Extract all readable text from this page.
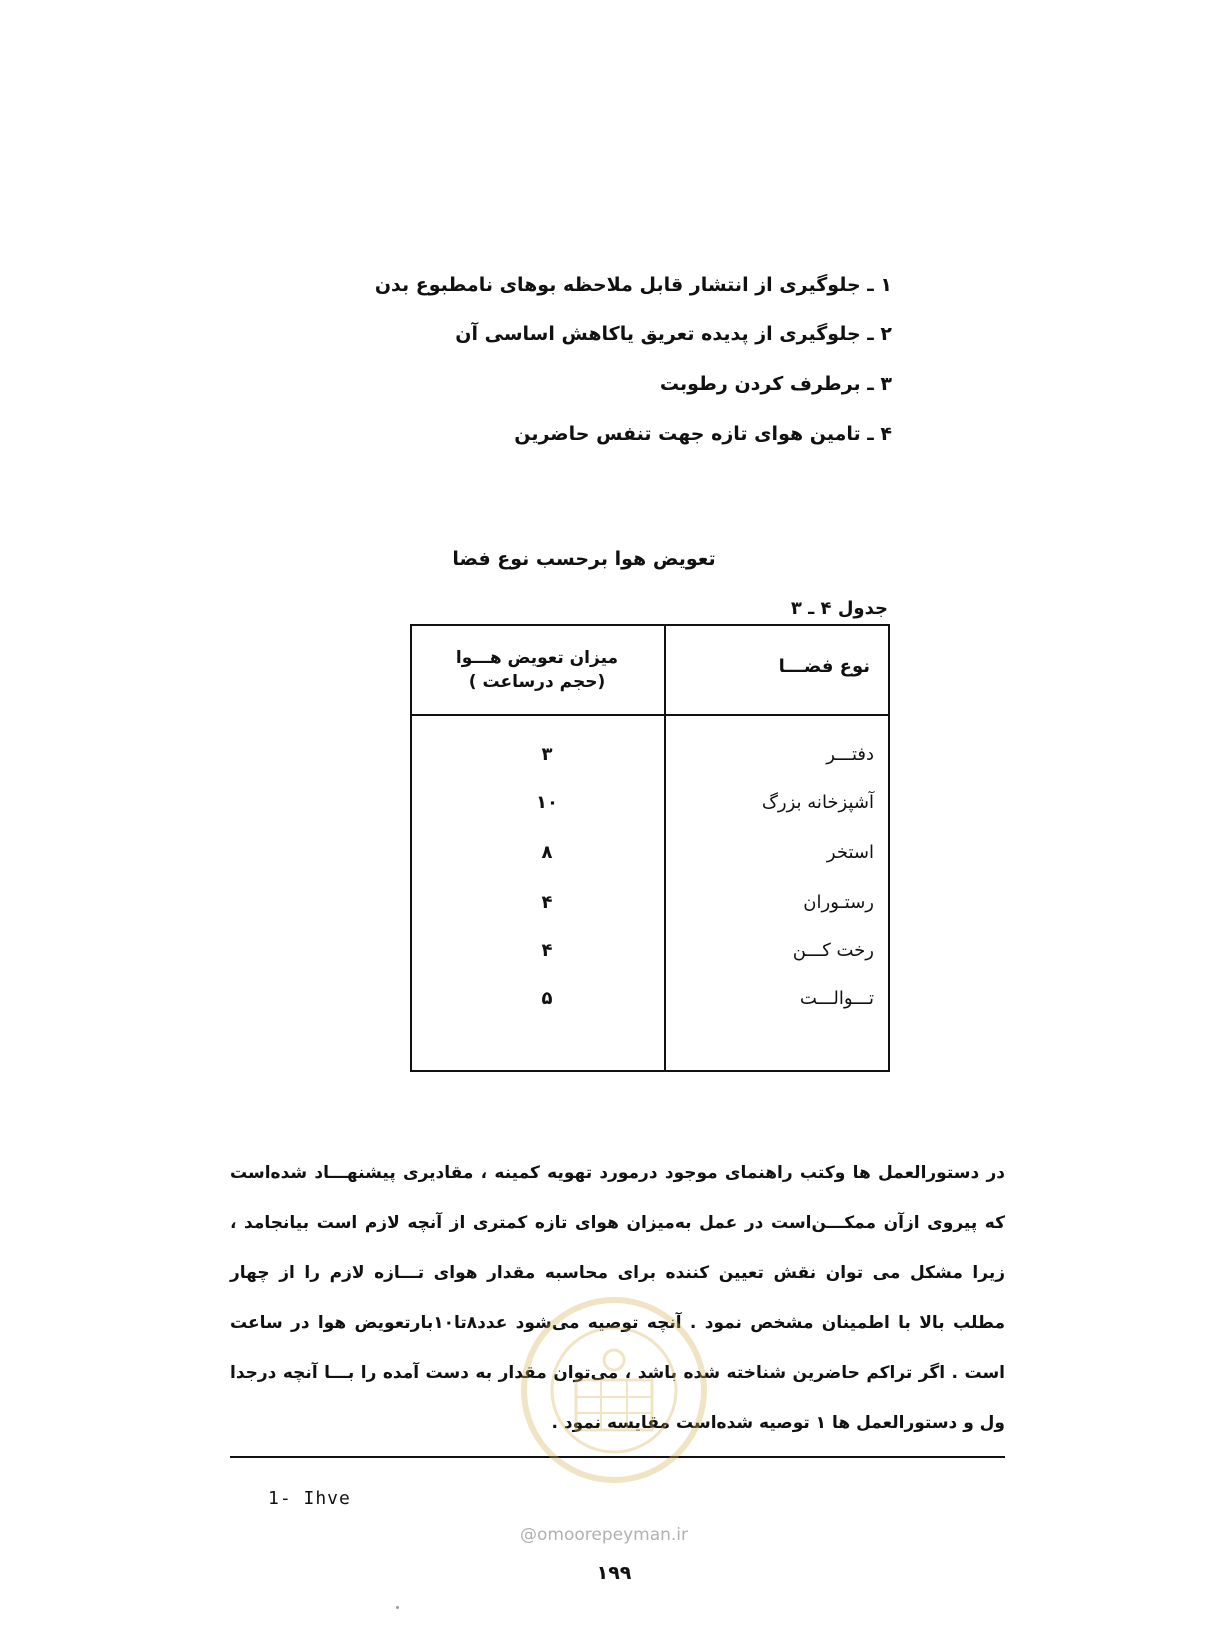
۱ ـ جلوگیری از انتشار قابل ملاحظه بوهای نامطبوع بدن
۲ ـ جلوگیری از پدیده تعریق یاکاهش اساسی آن
۳ ـ برطرف کردن رطوبت
۴ ـ تامین هوای تازه جهت تنفس حاضرین
تعویض هوا برحسب نوع فضا
جدول ۴ ـ ۳
نوع فضـــا
میزان تعویض هـــوا
(حجم درساعت )
دفتـــر
۳
آشپزخانه بزرگ
۱۰
استخر
۸
رستـوران
۴
رخت کـــن
۴
تـــوالـــت
۵
در دستورالعمل ها وکتب راهنمای موجود درمورد تهویه کمینه ، مقادیری پیشنهـــاد شده‌است که پیروی ازآن ممکـــن‌است در عمل به‌میزان هوای تازه کمتری از آنچه لازم است بیانجامد ، زیرا مشکل می توان نقش تعیین کننده برای محاسبه مقدار هوای تـــازه لازم را از چهار مطلب بالا با اطمینان مشخص نمود . آنچه توصیه می‌شود عدد۸تا۱۰بارتعویض هوا در ساعت است . اگر تراکم حاضرین شناخته شده باشد ، می‌توان مقدار به دست آمده را بـــا آنچه درجدا ول و دستورالعمل ها ۱ توصیه شده‌است مقایسه نمود .
1- Ihve
@omoorepeyman.ir
۱۹۹
